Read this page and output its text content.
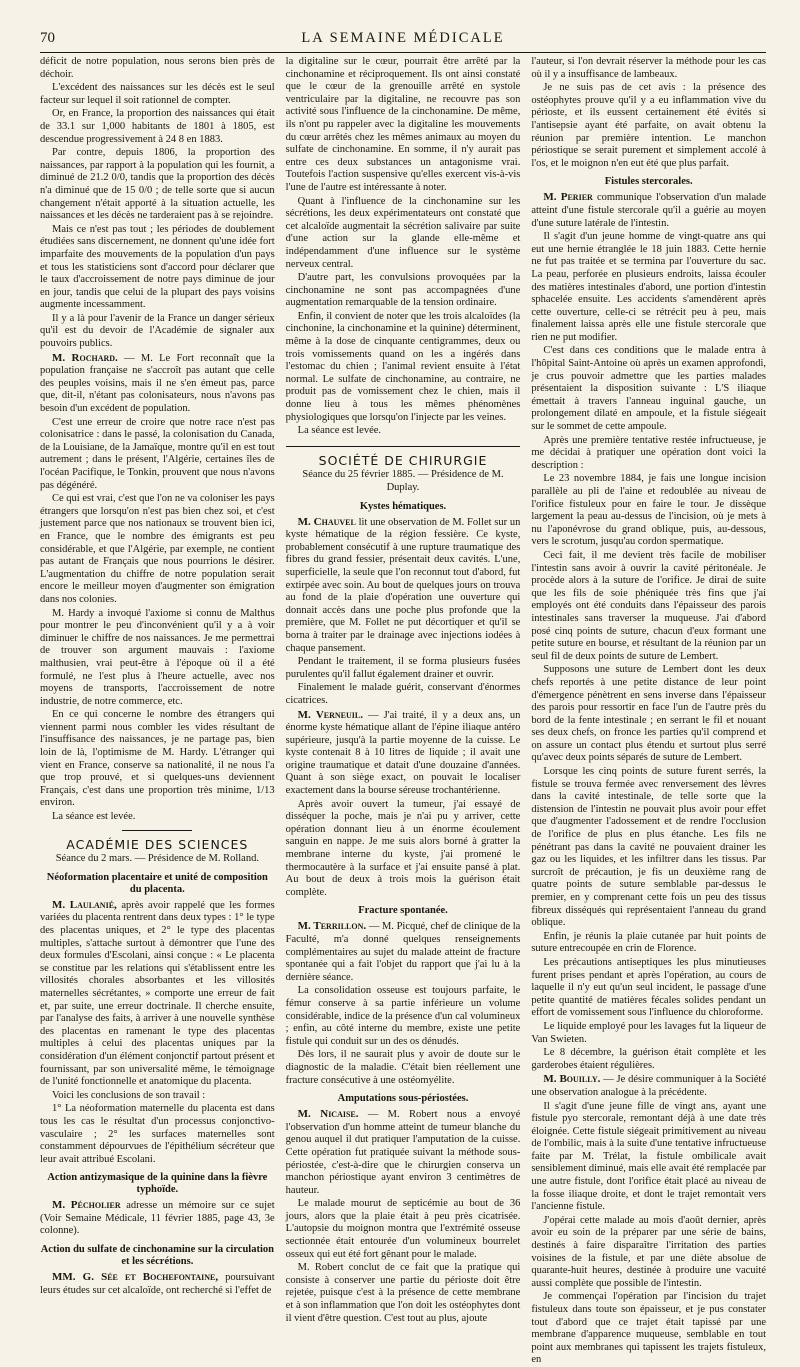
70	LA SEMAINE MÉDICALE

déficit de notre population, nous serons bien près de déchoir.

L'excédent des naissances sur les décès est le seul facteur sur lequel il soit rationnel de compter.

Or, en France, la proportion des naissances qui était de 33.1 sur 1,000 habitants de 1801 à 1805, est descendue progressivement à 24 8 en 1883.

Par contre, depuis 1806, la proportion des naissances, par rapport à la population qui les fournit, a diminué de 21.2 0/0, tandis que la proportion des décès n'a diminué que de 15 0/0 ; de telle sorte que si aucun changement n'était apporté à la situation actuelle, les naissances et les décès ne tarderaient pas à se rejoindre.

Mais ce n'est pas tout ; les périodes de doublement étudiées sans discernement, ne donnent qu'une idée fort imparfaite des mouvements de la population d'un pays et tous les statisticiens sont d'accord pour déclarer que le taux d'accroissement de notre pays diminue de jour en jour, tandis que celui de la plupart des pays voisins augmente incessamment.

Il y a là pour l'avenir de la France un danger sérieux qu'il est du devoir de l'Académie de signaler aux pouvoirs publics.

M. Rochard. — M. Le Fort reconnaît que la population française ne s'accroît pas autant que celle des peuples voisins, mais il ne s'en émeut pas, parce que, dit-il, n'étant pas colonisateurs, nous n'avons pas besoin d'un excédent de population.

C'est une erreur de croire que notre race n'est pas colonisatrice : dans le passé, la colonisation du Canada, de la Louisiane, de la Jamaïque, montre qu'il en est tout autrement ; dans le présent, l'Algérie, certaines îles de l'océan Pacifique, le Tonkin, prouvent que nous n'avons pas dégénéré.

Ce qui est vrai, c'est que l'on ne va coloniser les pays étrangers que lorsqu'on n'est pas bien chez soi, et c'est justement parce que nos nationaux se trouvent bien ici, en France, que le nombre des émigrants est peu considérable, et que l'Algérie, par exemple, ne contient pas autant de Français que nous pourrions le désirer. L'augmentation du chiffre de notre population serait encore le meilleur moyen d'augmenter son émigration dans nos colonies.

M. Hardy a invoqué l'axiome si connu de Malthus pour montrer le peu d'inconvénient qu'il y a à voir diminuer le chiffre de nos naissances. Je me permettrai de trouver son argument mauvais : l'axiome malthusien, vrai peut-être à l'époque où il a été formulé, ne l'est plus à l'heure actuelle, avec nos moyens de transports, l'accroissement de notre industrie, de notre commerce, etc.

En ce qui concerne le nombre des étrangers qui viennent parmi nous combler les vides résultant de l'insuffisance des naissances, je ne partage pas, bien loin de là, l'optimisme de M. Hardy. L'étranger qui vient en France, conserve sa nationalité, il ne nous l'a que trop prouvé, et si quelques-uns deviennent Français, c'est dans une proportion très minime, 1/13 environ.

La séance est levée.

ACADÉMIE DES SCIENCES
Séance du 2 mars. — Présidence de M. Rolland.
Néoformation placentaire et unité de composition du placenta.

M. Laulanié, après avoir rappelé que les formes variées du placenta rentrent dans deux types : 1° le type des placentas uniques, et 2° le type des placentas multiples, s'attache surtout à démontrer que l'une des deux formules d'Escolani, ainsi conçue : « Le placenta se constitue par les relations qui s'établissent entre les villosités chorales absorbantes et les villosités maternelles sécrétantes, » comporte une erreur de fait et, par suite, une erreur doctrinale. Il cherche ensuite, par l'analyse des faits, à arriver à une nouvelle synthèse des placentas en ramenant le type des placentas multiples à celui des placentas uniques par la considération d'un élément conjonctif partout présent et fournissant, par son universalité même, le témoignage de l'unité fonctionnelle et anatomique du placenta.

Voici les conclusions de son travail :

1° La néoformation maternelle du placenta est dans tous les cas le résultat d'un processus conjonctivo-vasculaire ; 2° les surfaces maternelles sont constamment dépourvues de l'épithélium sécréteur que leur avait attribué Escolani.

Action antizymasique de la quinine dans la fièvre typhoïde.

M. Pécholier adresse un mémoire sur ce sujet (Voir Semaine Médicale, 11 février 1885, page 43, 3e colonne).

Action du sulfate de cinchonamine sur la circulation et les sécrétions.

MM. G. Sée et Bochefontaine, poursuivant leurs études sur cet alcaloïde, ont recherché si l'effet de

la digitaline sur le cœur, pourrait être arrêté par la cinchonamine et réciproquement. Ils ont ainsi constaté que le cœur de la grenouille arrêté en systole ventriculaire par la digitaline, ne recouvre pas son activité sous l'influence de la cinchonamine. De même, ils n'ont pu rappeler avec la digitaline les mouvements du cœur arrêtés chez les mêmes animaux au moyen du sulfate de cinchonamine. En somme, il n'y aurait pas entre ces deux substances un antagonisme vrai. Toutefois l'action suspensive qu'elles exercent vis-à-vis l'une de l'autre est intéressante à noter.

Quant à l'influence de la cinchonamine sur les sécrétions, les deux expérimentateurs ont constaté que cet alcaloïde augmentait la sécrétion salivaire par suite d'une action sur la glande elle-même et indépendamment d'une influence sur le système nerveux central.

D'autre part, les convulsions provoquées par la cinchonamine ne sont pas accompagnées d'une augmentation remarquable de la tension ordinaire.

Enfin, il convient de noter que les trois alcaloïdes (la cinchonine, la cinchonamine et la quinine) déterminent, même à la dose de cinquante centigrammes, deux ou trois vomissements quand on les a ingérés dans l'estomac du chien ; l'animal revient ensuite à l'état normal. Le sulfate de cinchonamine, au contraire, ne produit pas de vomissement chez le chien, mais il donne lieu à tous les mêmes phénomènes physiologiques que lorsqu'on l'injecte par les veines.

La séance est levée.

SOCIÉTÉ DE CHIRURGIE
Séance du 25 février 1885. — Présidence de M. Duplay.
Kystes hématiques.

M. Chauvel lit une observation de M. Follet sur un kyste hématique de la région fessière. Ce kyste, probablement consécutif à une rupture traumatique des fibres du grand fessier, présentait deux cavités. L'une, superficielle, la seule que l'on reconnut tout d'abord, fut extirpée avec soin. Au bout de quelques jours on trouva au fond de la plaie d'opération une ouverture qui donnait accès dans une poche plus profonde que la première, que M. Follet ne put décortiquer et qu'il se borna à traiter par le drainage avec injections iodées à chaque pansement.

Pendant le traitement, il se forma plusieurs fusées purulentes qu'il fallut également drainer et ouvrir.

Finalement le malade guérit, conservant d'énormes cicatrices.

M. Verneuil. — J'ai traité, il y a deux ans, un énorme kyste hématique allant de l'épine iliaque antéro supérieure, jusqu'à la partie moyenne de la cuisse. Le kyste contenait 8 à 10 litres de liquide ; il avait une origine traumatique et datait d'une douzaine d'années. Quant à son siège exact, on pouvait le localiser exactement dans la bourse séreuse trochantérienne.

Après avoir ouvert la tumeur, j'ai essayé de disséquer la poche, mais je n'ai pu y arriver, cette opération donnant lieu à un énorme écoulement sanguin en nappe. Je me suis alors borné à gratter la membrane interne du kyste, j'ai promené le thermocautère à la surface et j'ai ensuite pansé à plat. Au bout de deux à trois mois la guérison était complète.

Fracture spontanée.

M. Terrillon. — M. Picqué, chef de clinique de la Faculté, m'a donné quelques renseignements complémentaires au sujet du malade atteint de fracture spontanée qui a fait l'objet du rapport que j'ai lu à la dernière séance.

La consolidation osseuse est toujours parfaite, le fémur conserve à sa partie inférieure un volume considérable, indice de la présence d'un cal volumineux ; enfin, au côté interne du membre, existe une petite fistule qui conduit sur un des os dénudés.

Dès lors, il ne saurait plus y avoir de doute sur le diagnostic de la maladie. C'était bien réellement une fracture consécutive à une ostéomyélite.

Amputations sous-périostées.

M. Nicaise. — M. Robert nous a envoyé l'observation d'un homme atteint de tumeur blanche du genou auquel il dut pratiquer l'amputation de la cuisse. Cette opération fut pratiquée suivant la méthode sous-périostée, c'est-à-dire que le chirurgien conserva un manchon périostique ayant environ 3 centimètres de hauteur.

Le malade mourut de septicémie au bout de 36 jours, alors que la plaie était à peu près cicatrisée. L'autopsie du moignon montra que l'extrémité osseuse sectionnée était entourée d'un volumineux bourrelet osseux qui eut été fort gênant pour le malade.

M. Robert conclut de ce fait que la pratique qui consiste à conserver une partie du périoste doit être rejetée, puisque c'est à la présence de cette membrane et à son inflammation que l'on doit les ostéophytes dont il vient d'être question. C'est tout au plus, ajoute

l'auteur, si l'on devrait réserver la méthode pour les cas où il y a insuffisance de lambeaux.

Je ne suis pas de cet avis : la présence des ostéophytes prouve qu'il y a eu inflammation vive du périoste, et ils eussent certainement été évités si l'antisepsie ayant été parfaite, on avait obtenu la réunion par première intention. Le manchon périostique se serait purement et simplement accolé à l'os, et le moignon n'en eut été que plus parfait.

Fistules stercorales.

M. Perier communique l'observation d'un malade atteint d'une fistule stercorale qu'il a guérie au moyen d'une suture latérale de l'intestin.

Il s'agit d'un jeune homme de vingt-quatre ans qui eut une hernie étranglée le 18 juin 1883. Cette hernie ne fut pas traitée et se termina par l'ouverture du sac. La peau, perforée en plusieurs endroits, laissa écouler des matières intestinales d'abord, une portion d'intestin sphacelée ensuite. Les accidents s'amendèrent après cette ouverture, celle-ci se rétrécit peu à peu, mais finalement laissa après elle une fistule stercorale que rien ne put modifier.

C'est dans ces conditions que le malade entra à l'hôpital Saint-Antoine où après un examen approfondi, je crus pouvoir admettre que les parties malades présentaient la disposition suivante : L'S iliaque émettait à travers l'anneau inguinal gauche, un prolongement dilaté en ampoule, et la fistule siégeait sur le sommet de cette ampoule.

Après une première tentative restée infructueuse, je me décidai à pratiquer une opération dont voici la description :

Le 23 novembre 1884, je fais une longue incision parallèle au pli de l'aine et redoublée au niveau de l'orifice fistuleux pour en faire le tour. Je dissèque largement la peau au-dessus de l'incision, où je mets à nu l'aponévrose du grand oblique, puis, au-dessous, vers le scrotum, jusqu'au cordon spermatique.

Ceci fait, il me devient très facile de mobiliser l'intestin sans avoir à ouvrir la cavité péritonéale. Je procède alors à la suture de l'orifice. Je dirai de suite que les fils de soie phéniquée très fins que j'ai employés ont été conduits dans l'épaisseur des parois intestinales sans traverser la muqueuse. J'ai d'abord posé cinq points de suture, chacun d'eux formant une petite suture en bourse, et résultant de la réunion par un seul fil de deux points de suture de Lembert.

Supposons une suture de Lembert dont les deux chefs reportés à une petite distance de leur point d'émergence pénètrent en sens inverse dans l'épaisseur des parois pour ressortir en face l'un de l'autre près du bord de la fente intestinale ; en serrant le fil et nouant ses deux chefs, on fronce les parties qu'il comprend et on assure un contact plus étendu et surtout plus serré qu'avec deux points séparés de suture de Lembert.

Lorsque les cinq points de suture furent serrés, la fistule se trouva fermée avec renversement des lèvres dans la cavité intestinale, de telle sorte que la distension de l'intestin ne pouvait plus avoir pour effet que d'augmenter l'adossement et de rendre l'occlusion de l'orifice de plus en plus étanche. Les fils ne pénétrant pas dans la cavité ne pouvaient drainer les gaz ou les liquides, et les infiltrer dans les tissus. Par surcroît de précaution, je fis un deuxième rang de quatre points de suture semblable par-dessus le premier, en y comprenant cette fois un peu des tissus fibreux disséqués qui représentaient l'anneau du grand oblique.

Enfin, je réunis la plaie cutanée par huit points de suture entrecoupée en crin de Florence.

Les précautions antiseptiques les plus minutieuses furent prises pendant et après l'opération, au cours de laquelle il n'y eut qu'un seul incident, le passage d'une petite quantité de matières fécales solides pendant un effort de vomissement sous l'influence du chloroforme.

Le liquide employé pour les lavages fut la liqueur de Van Swieten.

Le 8 décembre, la guérison était complète et les garderobes étaient régulières.

M. Bouilly. — Je désire communiquer à la Société une observation analogue à la précédente.

Il s'agit d'une jeune fille de vingt ans, ayant une fistule pyo stercorale, remontant déjà à une date très éloignée. Cette fistule siégeait primitivement au niveau de l'ombilic, mais à la suite d'une tentative infructueuse faite par M. Trélat, la fistule ombilicale avait sensiblement diminué, mais elle avait été remplacée par une autre fistule, dont l'orifice était placé au niveau de la fosse iliaque droite, et dont le trajet remontait vers l'ancienne fistule.

J'opérai cette malade au mois d'août dernier, après avoir eu soin de la préparer par une série de bains, destinés à faire disparaître l'irritation des parties voisines de la fistule, et par une diète absolue de quarante-huit heures, destinée à produire une vacuité aussi complète que possible de l'intestin.

Je commençai l'opération par l'incision du trajet fistuleux dans toute son épaisseur, et je pus constater tout d'abord que ce trajet était tapissé par une membrane d'apparence muqueuse, semblable en tout point aux membranes qui tapissent les trajets fistuleux, en
